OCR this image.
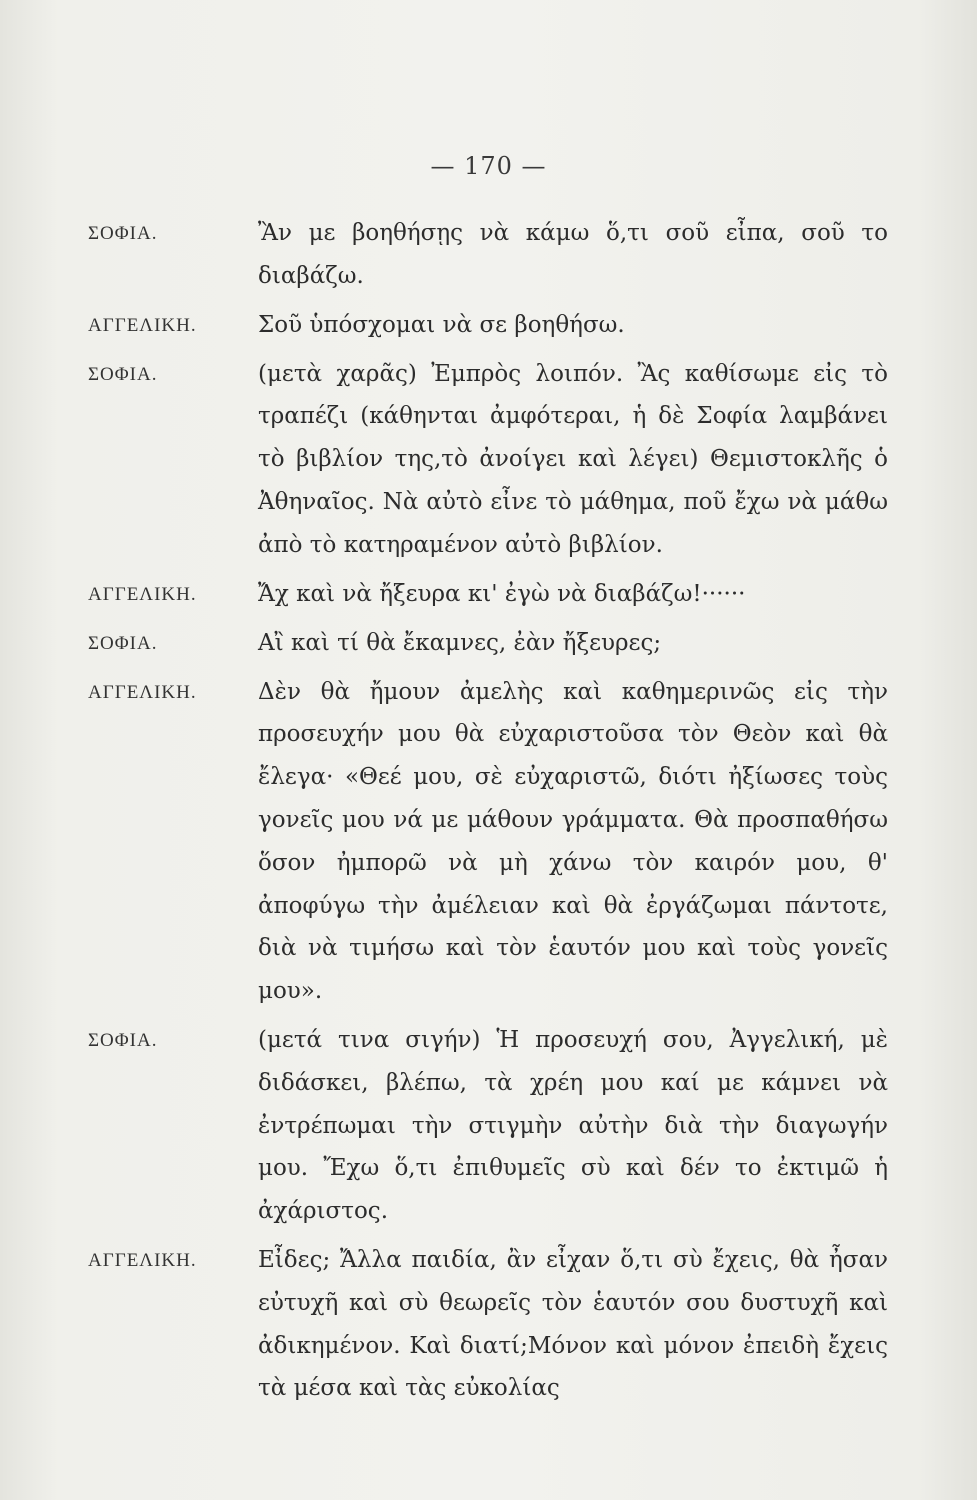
— 170 —
ΣΟΦΙΑ.	Ἂν με βοηθήσῃς νὰ κάμω ὅ,τι σοῦ εἶπα, σοῦ το διαβάζω.
ΑΓΓΕΛΙΚΗ.	Σοῦ ὑπόσχομαι νὰ σε βοηθήσω.
ΣΟΦΙΑ.	(μετὰ χαρᾶς) Ἐμπρὸς λοιπόν. Ἂς καθίσωμε εἰς τὸ τραπέζι (κάθηνται ἀμφότεραι, ἡ δὲ Σοφία λαμβάνει τὸ βιβλίον της,τὸ ἀνοίγει καὶ λέγει) Θεμιστοκλῆς ὁ Ἀθηναῖος. Νὰ αὐτὸ εἶνε τὸ μάθημα, ποῦ ἔχω νὰ μάθω ἀπὸ τὸ κατηραμένον αὐτὸ βιβλίον.
ΑΓΓΕΛΙΚΗ.	Ἄχ καὶ νὰ ἤξευρα κι' ἐγὼ νὰ διαβάζω!······
ΣΟΦΙΑ.	Αἲ καὶ τί θὰ ἔκαμνες, ἐὰν ἤξευρες;
ΑΓΓΕΛΙΚΗ.	Δὲν θὰ ἤμουν ἀμελὴς καὶ καθημερινῶς εἰς τὴν προσευχήν μου θὰ εὐχαριστοῦσα τὸν Θεὸν καὶ θὰ ἔλεγα· «Θεέ μου, σὲ εὐχαριστῶ, διότι ἠξίωσες τοὺς γονεῖς μου νά με μάθουν γράμματα. Θὰ προσπαθήσω ὅσον ἠμπορῶ νὰ μὴ χάνω τὸν καιρόν μου, θ' ἀποφύγω τὴν ἀμέλειαν καὶ θὰ ἐργάζωμαι πάντοτε, διὰ νὰ τιμήσω καὶ τὸν ἑαυτόν μου καὶ τοὺς γονεῖς μου».
ΣΟΦΙΑ.	(μετά τινα σιγήν) Ἡ προσευχή σου, Ἀγγελική, μὲ διδάσκει, βλέπω, τὰ χρέη μου καί με κάμνει νὰ ἐντρέπωμαι τὴν στιγμὴν αὐτὴν διὰ τὴν διαγωγήν μου. Ἔχω ὅ,τι ἐπιθυμεῖς σὺ καὶ δέν το ἐκτιμῶ ἡ ἀχάριστος.
ΑΓΓΕΛΙΚΗ.	Εἶδες; Ἄλλα παιδία, ἂν εἶχαν ὅ,τι σὺ ἔχεις, θὰ ἦσαν εὐτυχῆ καὶ σὺ θεωρεῖς τὸν ἑαυτόν σου δυστυχῆ καὶ ἀδικημένον. Καὶ διατί;Μόνον καὶ μόνον ἐπειδὴ ἔχεις τὰ μέσα καὶ τὰς εὐκολίας
